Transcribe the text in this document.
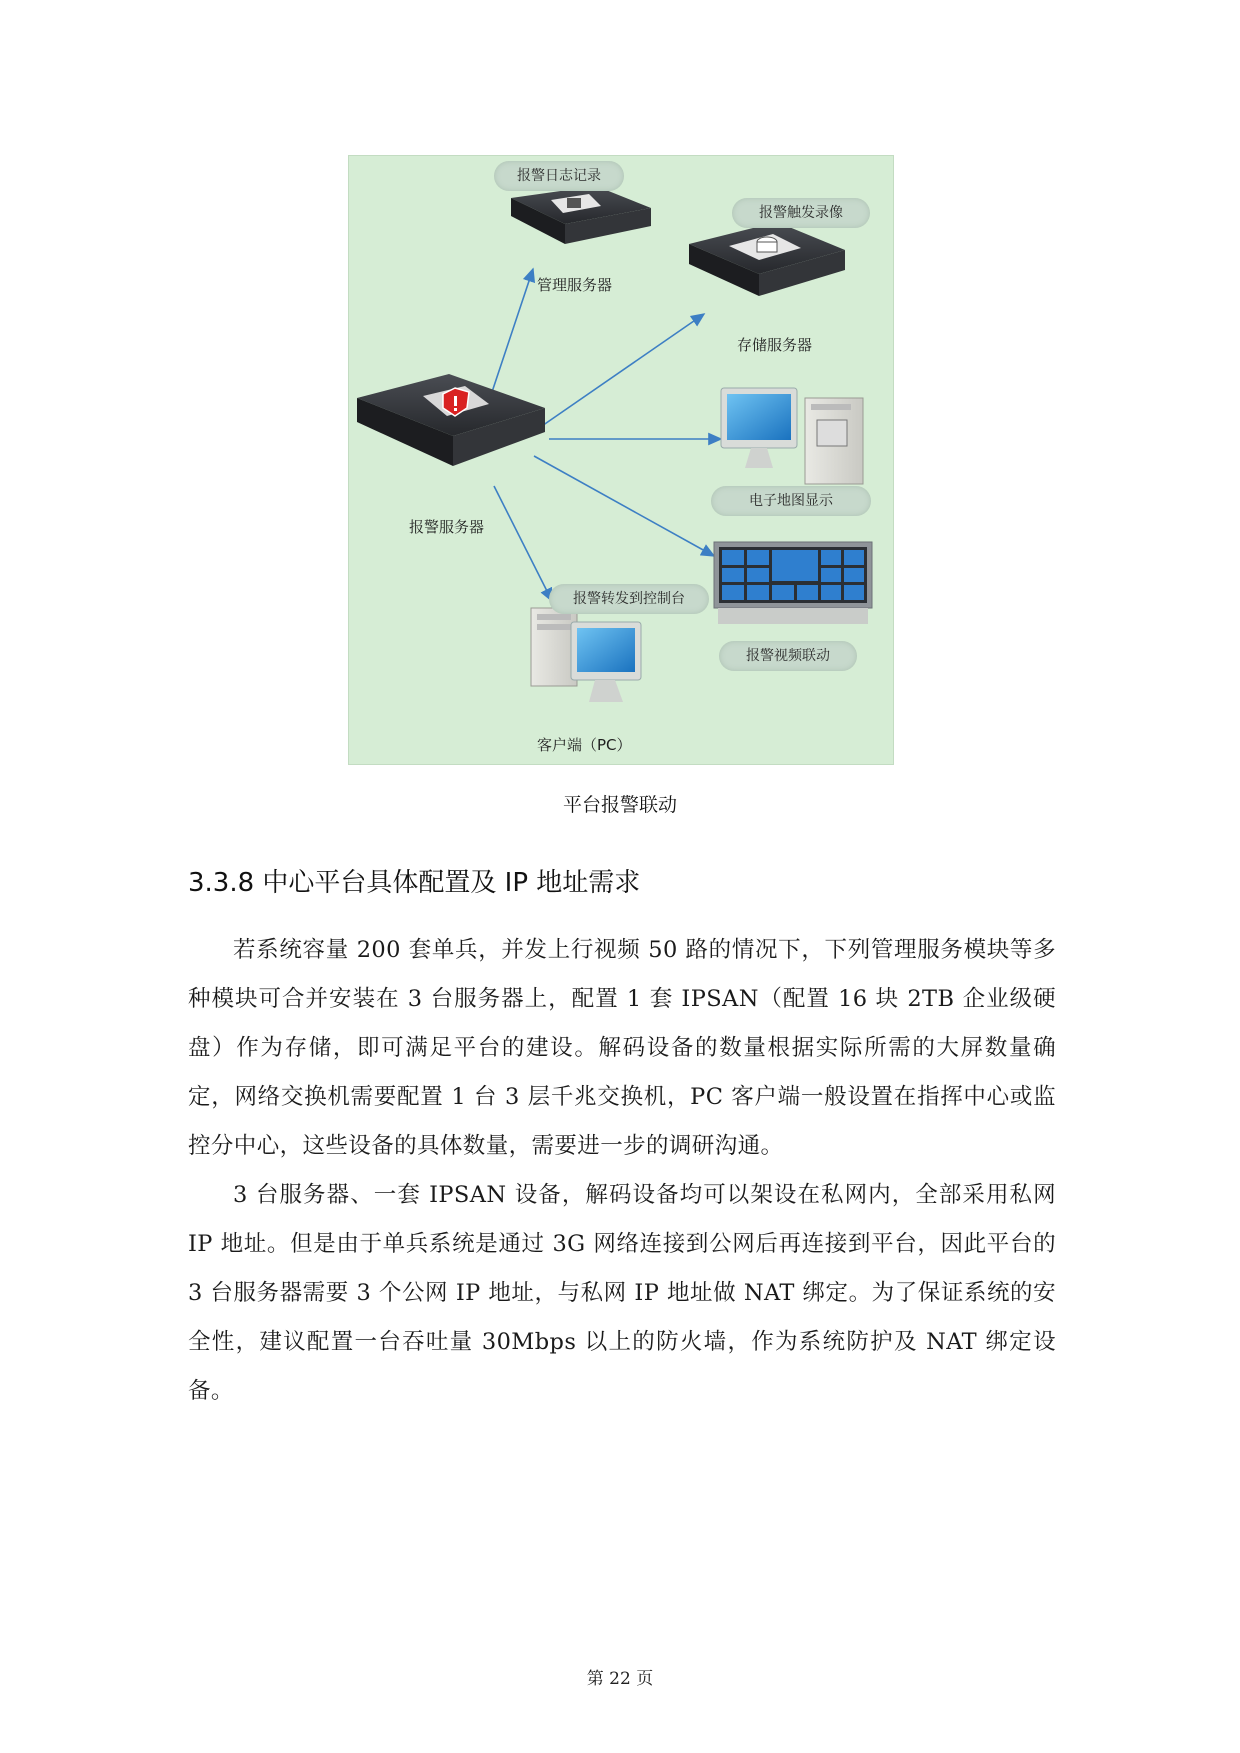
报警日志记录
报警触发录像
电子地图显示
报警转发到控制台
报警视频联动
管理服务器
存储服务器
报警服务器
客户端（PC）
平台报警联动
3.3.8 中心平台具体配置及 IP 地址需求

若系统容量 200 套单兵，并发上行视频 50 路的情况下，下列管理服务模块等多种模块可合并安装在 3 台服务器上，配置 1 套 IPSAN（配置 16 块 2TB 企业级硬盘）作为存储，即可满足平台的建设。解码设备的数量根据实际所需的大屏数量确定，网络交换机需要配置 1 台 3 层千兆交换机，PC 客户端一般设置在指挥中心或监控分中心，这些设备的具体数量，需要进一步的调研沟通。

3 台服务器、一套 IPSAN 设备，解码设备均可以架设在私网内，全部采用私网 IP 地址。但是由于单兵系统是通过 3G 网络连接到公网后再连接到平台，因此平台的 3 台服务器需要 3 个公网 IP 地址，与私网 IP 地址做 NAT 绑定。为了保证系统的安全性，建议配置一台吞吐量 30Mbps 以上的防火墙，作为系统防护及 NAT 绑定设备。

第 22 页
